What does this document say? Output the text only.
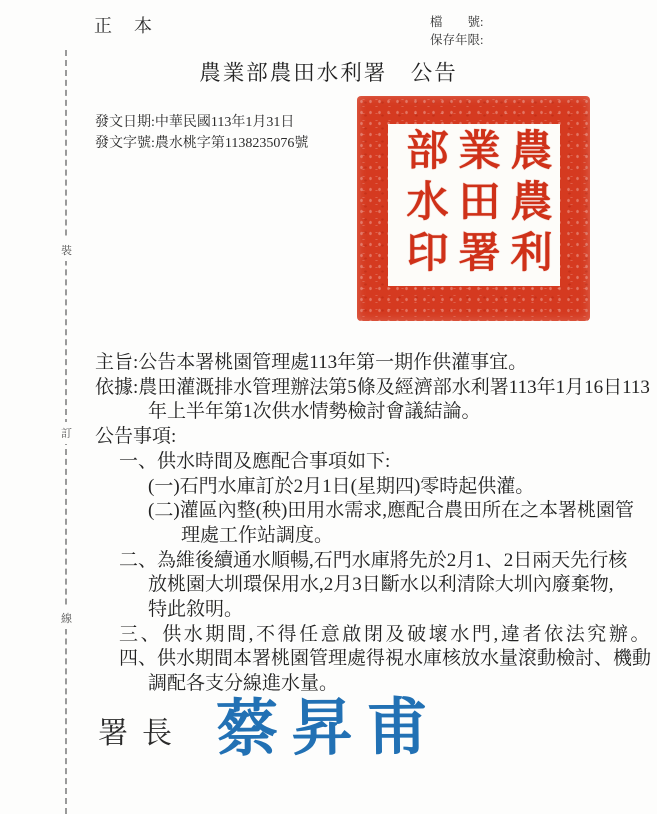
裝
訂
線
正　本	檔　　號:
保存年限:
農業部農田水利署　公告
發文日期:中華民國113年1月31日
發文字號:農水桃字第1138235076號	農業部
農田水
利署印
主旨:公告本署桃園管理處113年第一期作供灌事宜。
依據:農田灌溉排水管理辦法第5條及經濟部水利署113年1月16日113
年上半年第1次供水情勢檢討會議結論。
公告事項:
一、供水時間及應配合事項如下:
(一)石門水庫訂於2月1日(星期四)零時起供灌。
(二)灌區內整(秧)田用水需求,應配合農田所在之本署桃園管
理處工作站調度。
二、為維後續通水順暢,石門水庫將先於2月1、2日兩天先行核
放桃園大圳環保用水,2月3日斷水以利清除大圳內廢棄物,
特此敘明。
三、供水期間,不得任意啟閉及破壞水門,違者依法究辦。
四、供水期間本署桃園管理處得視水庫核放水量滾動檢討、機動
調配各支分線進水量。
署長 蔡昇甫
